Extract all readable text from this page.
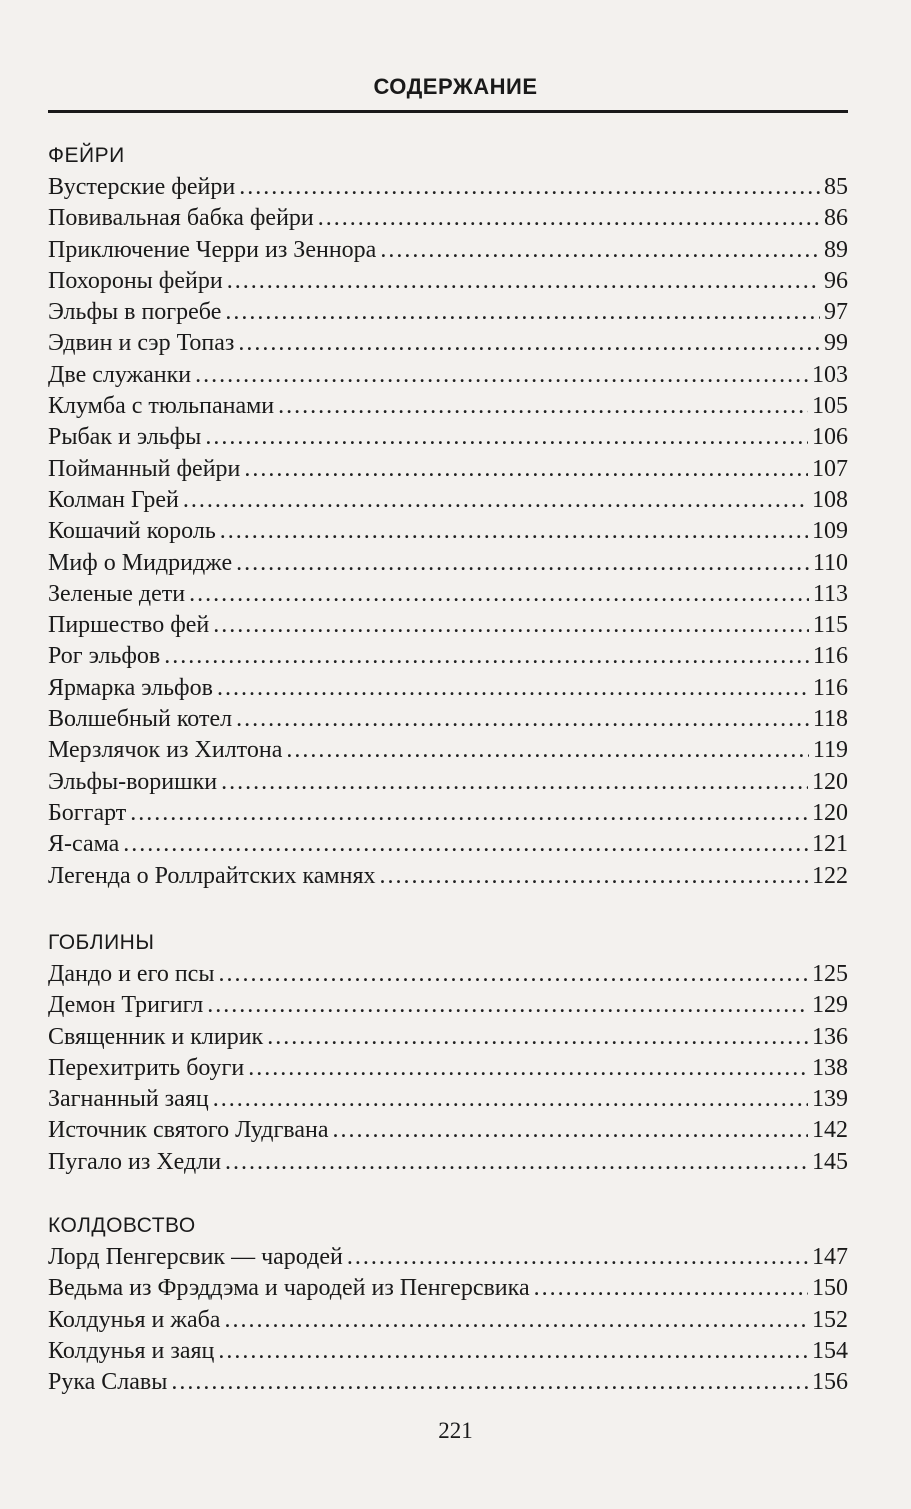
СОДЕРЖАНИЕ
ФЕЙРИ
Вустерские фейри .....	85
Повивальная бабка фейри .....	86
Приключение Черри из Зеннора .....	89
Похороны фейри .....	96
Эльфы в погребе .....	97
Эдвин и сэр Топаз .....	99
Две служанки .....	103
Клумба с тюльпанами .....	105
Рыбак и эльфы .....	106
Пойманный фейри .....	107
Колман Грей .....	108
Кошачий король .....	109
Миф о Мидридже .....	110
Зеленые дети .....	113
Пиршество фей .....	115
Рог эльфов .....	116
Ярмарка эльфов .....	116
Волшебный котел .....	118
Мерзлячок из Хилтона .....	119
Эльфы-воришки .....	120
Боггарт .....	120
Я-сама .....	121
Легенда о Роллрайтских камнях .....	122
ГОБЛИНЫ
Дандо и его псы .....	125
Демон Тригигл .....	129
Священник и клирик .....	136
Перехитрить боуги .....	138
Загнанный заяц .....	139
Источник святого Лудгвана .....	142
Пугало из Хедли .....	145
КОЛДОВСТВО
Лорд Пенгерсвик — чародей .....	147
Ведьма из Фрэддэма и чародей из Пенгерсвика .....	150
Колдунья и жаба .....	152
Колдунья и заяц .....	154
Рука Славы .....	156
221
